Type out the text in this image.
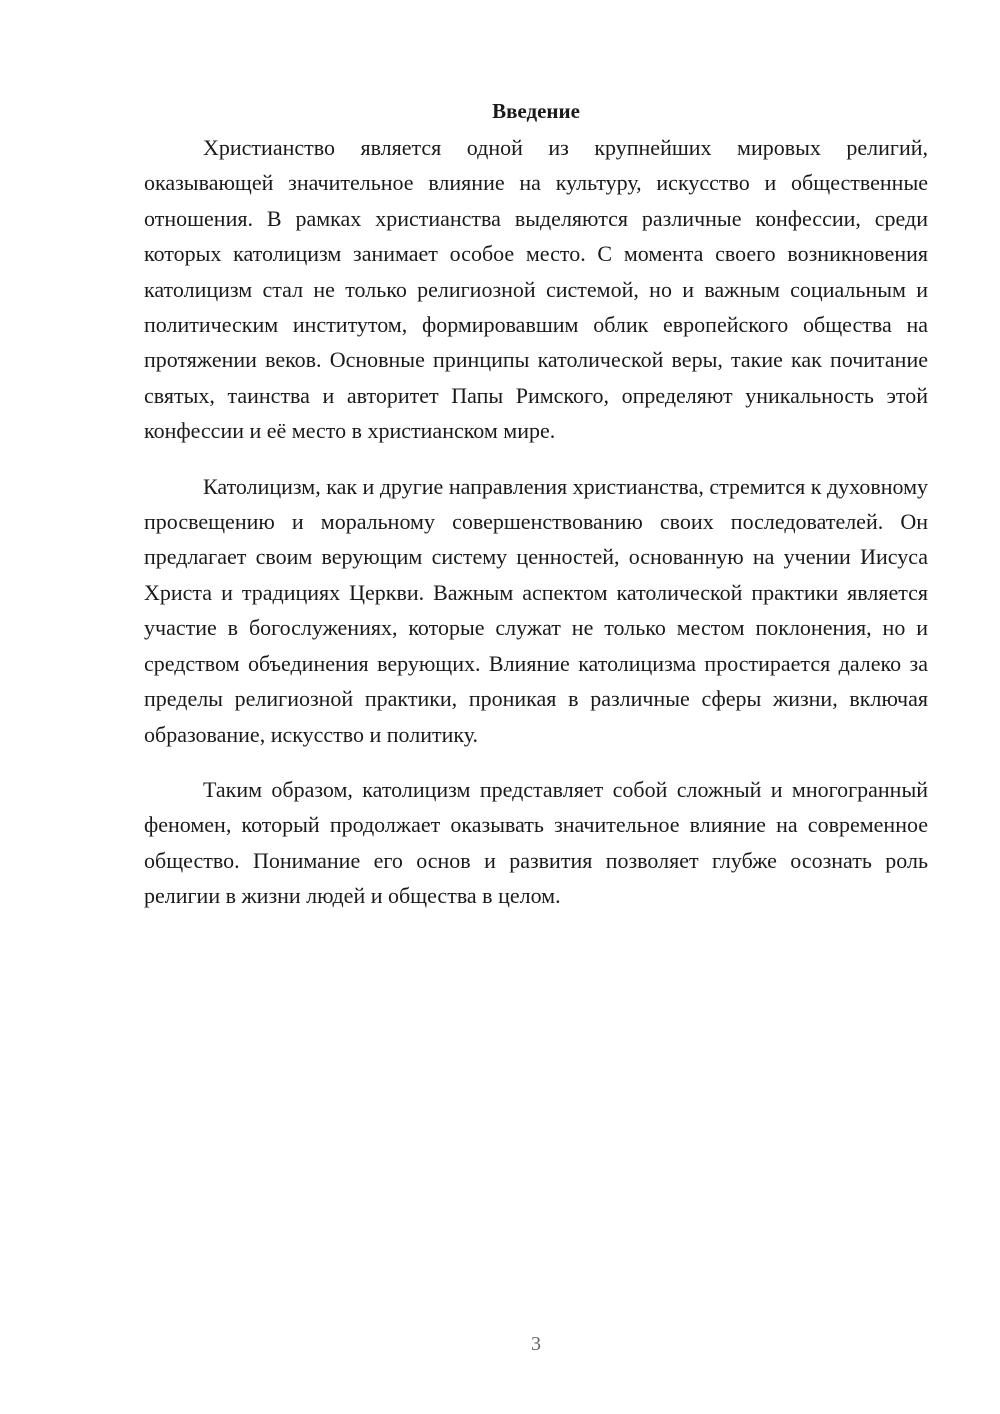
Введение

Христианство является одной из крупнейших мировых религий, оказывающей значительное влияние на культуру, искусство и общественные отношения. В рамках христианства выделяются различные конфессии, среди которых католицизм занимает особое место. С момента своего возникновения католицизм стал не только религиозной системой, но и важным социальным и политическим институтом, формировавшим облик европейского общества на протяжении веков. Основные принципы католической веры, такие как почитание святых, таинства и авторитет Папы Римского, определяют уникальность этой конфессии и её место в христианском мире.

Католицизм, как и другие направления христианства, стремится к духовному просвещению и моральному совершенствованию своих последователей. Он предлагает своим верующим систему ценностей, основанную на учении Иисуса Христа и традициях Церкви. Важным аспектом католической практики является участие в богослужениях, которые служат не только местом поклонения, но и средством объединения верующих. Влияние католицизма простирается далеко за пределы религиозной практики, проникая в различные сферы жизни, включая образование, искусство и политику.

Таким образом, католицизм представляет собой сложный и многогранный феномен, который продолжает оказывать значительное влияние на современное общество. Понимание его основ и развития позволяет глубже осознать роль религии в жизни людей и общества в целом.

3
